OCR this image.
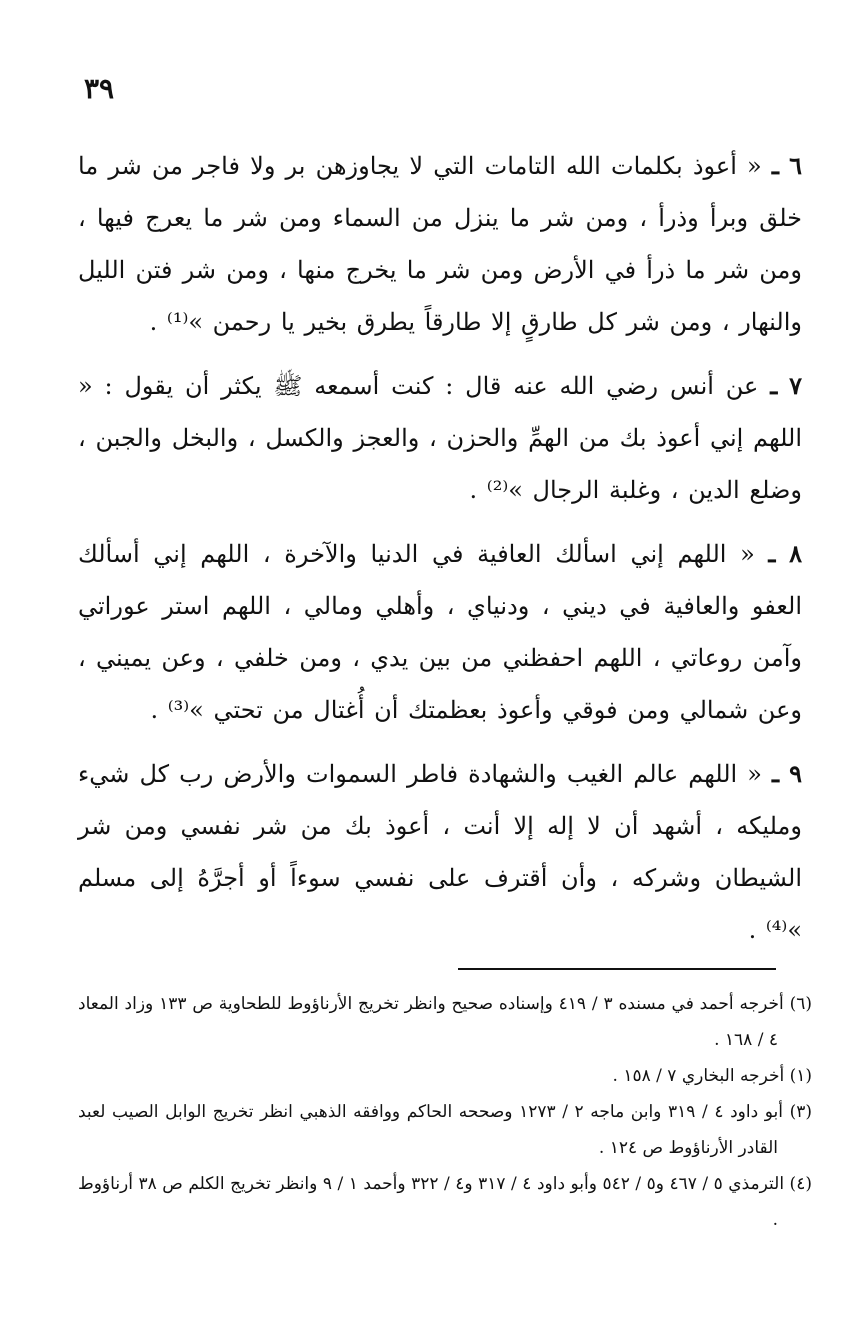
٣٩

٦ ـ « أعوذ بكلمات الله التامات التي لا يجاوزهن بر ولا فاجر من شر ما خلق وبرأ وذرأ ، ومن شر ما ينزل من السماء ومن شر ما يعرج فيها ، ومن شر ما ذرأ في الأرض ومن شر ما يخرج منها ، ومن شر فتن الليل والنهار ، ومن شر كل طارقٍ إلا طارقاً يطرق بخير يا رحمن »⁽¹⁾ .

٧ ـ عن أنس رضي الله عنه قال : كنت أسمعه ﷺ يكثر أن يقول : « اللهم إني أعوذ بك من الهمِّ والحزن ، والعجز والكسل ، والبخل والجبن ، وضلع الدين ، وغلبة الرجال »⁽²⁾ .

٨ ـ « اللهم إني اسألك العافية في الدنيا والآخرة ، اللهم إني أسألك العفو والعافية في ديني ، ودنياي ، وأهلي ومالي ، اللهم استر عوراتي وآمن روعاتي ، اللهم احفظني من بين يدي ، ومن خلفي ، وعن يميني ، وعن شمالي ومن فوقي وأعوذ بعظمتك أن أُغتال من تحتي »⁽³⁾ .

٩ ـ « اللهم عالم الغيب والشهادة فاطر السموات والأرض رب كل شيء ومليكه ، أشهد أن لا إله إلا أنت ، أعوذ بك من شر نفسي ومن شر الشيطان وشركه ، وأن أقترف على نفسي سوءاً أو أجرَّهُ إلى مسلم »⁽⁴⁾ .

(٦) أخرجه أحمد في مسنده ٣ / ٤١٩ وإسناده صحيح وانظر تخريج الأرناؤوط للطحاوية ص ١٣٣ وزاد المعاد ٤ / ١٦٨ .
(١) أخرجه البخاري ٧ / ١٥٨ .
(٣) أبو داود ٤ / ٣١٩ وابن ماجه ٢ / ١٢٧٣ وصححه الحاكم ووافقه الذهبي انظر تخريج الوابل الصيب لعبد القادر الأرناؤوط ص ١٢٤ .
(٤) الترمذي ٥ / ٤٦٧ و٥ / ٥٤٢ وأبو داود ٤ / ٣١٧ و٤ / ٣٢٢ وأحمد ١ / ٩ وانظر تخريج الكلم ص ٣٨ أرناؤوط .
